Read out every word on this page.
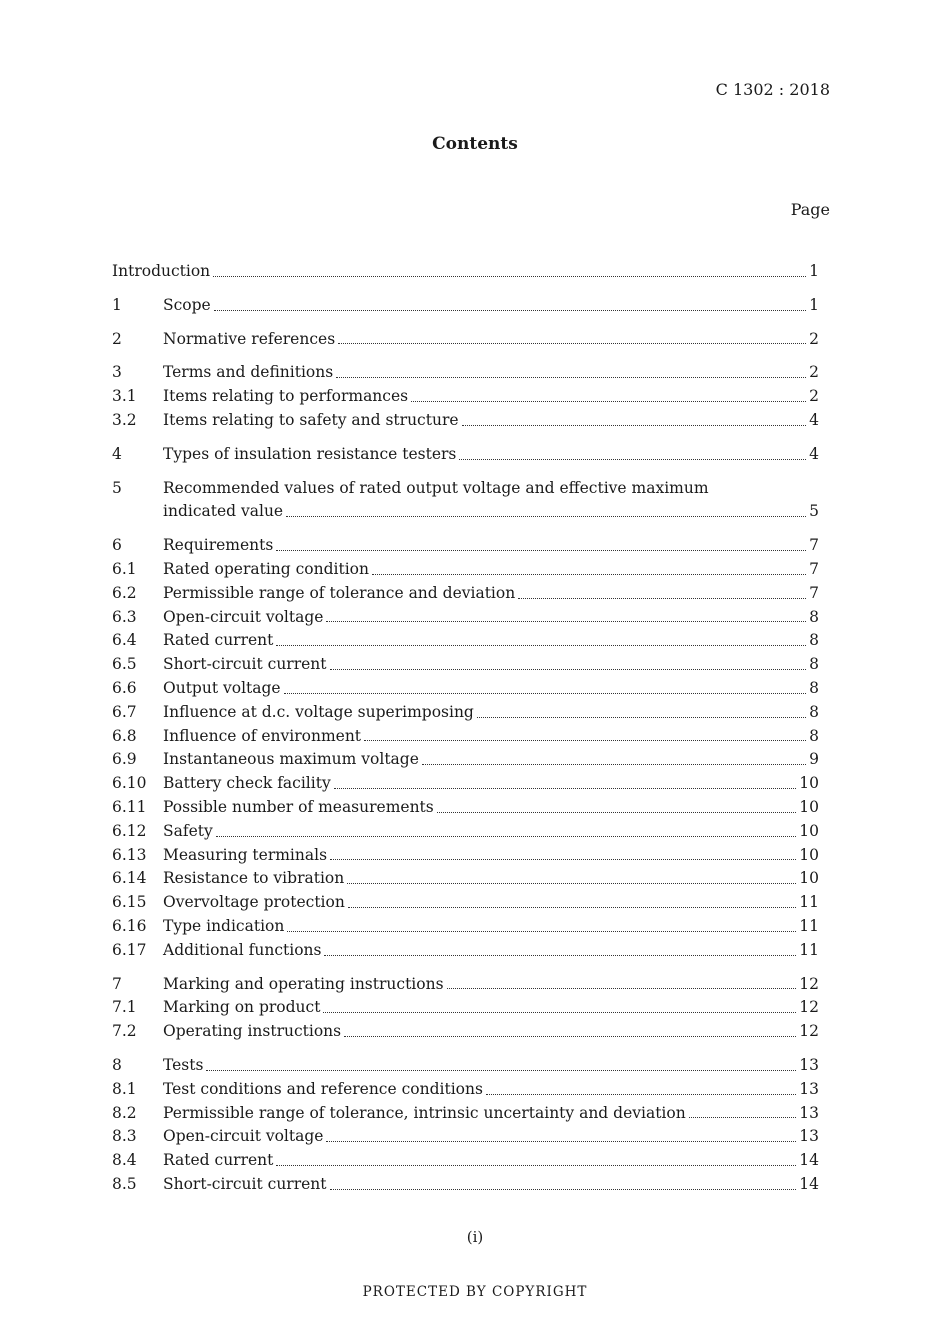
C 1302 : 2018
Contents
Page
Introduction	1
1	Scope	1
2	Normative references	2
3	Terms and definitions	2
3.1	Items relating to performances	2
3.2	Items relating to safety and structure	4
4	Types of insulation resistance testers	4
5	Recommended values of rated output voltage and effective maximum
indicated value	5
6	Requirements	7
6.1	Rated operating condition	7
6.2	Permissible range of tolerance and deviation	7
6.3	Open-circuit voltage	8
6.4	Rated current	8
6.5	Short-circuit current	8
6.6	Output voltage	8
6.7	Influence at d.c. voltage superimposing	8
6.8	Influence of environment	8
6.9	Instantaneous maximum voltage	9
6.10	Battery check facility	10
6.11	Possible number of measurements	10
6.12	Safety	10
6.13	Measuring terminals	10
6.14	Resistance to vibration	10
6.15	Overvoltage protection	11
6.16	Type indication	11
6.17	Additional functions	11
7	Marking and operating instructions	12
7.1	Marking on product	12
7.2	Operating instructions	12
8	Tests	13
8.1	Test conditions and reference conditions	13
8.2	Permissible range of tolerance, intrinsic uncertainty and deviation	13
8.3	Open-circuit voltage	13
8.4	Rated current	14
8.5	Short-circuit current	14
(i)
PROTECTED BY COPYRIGHT
